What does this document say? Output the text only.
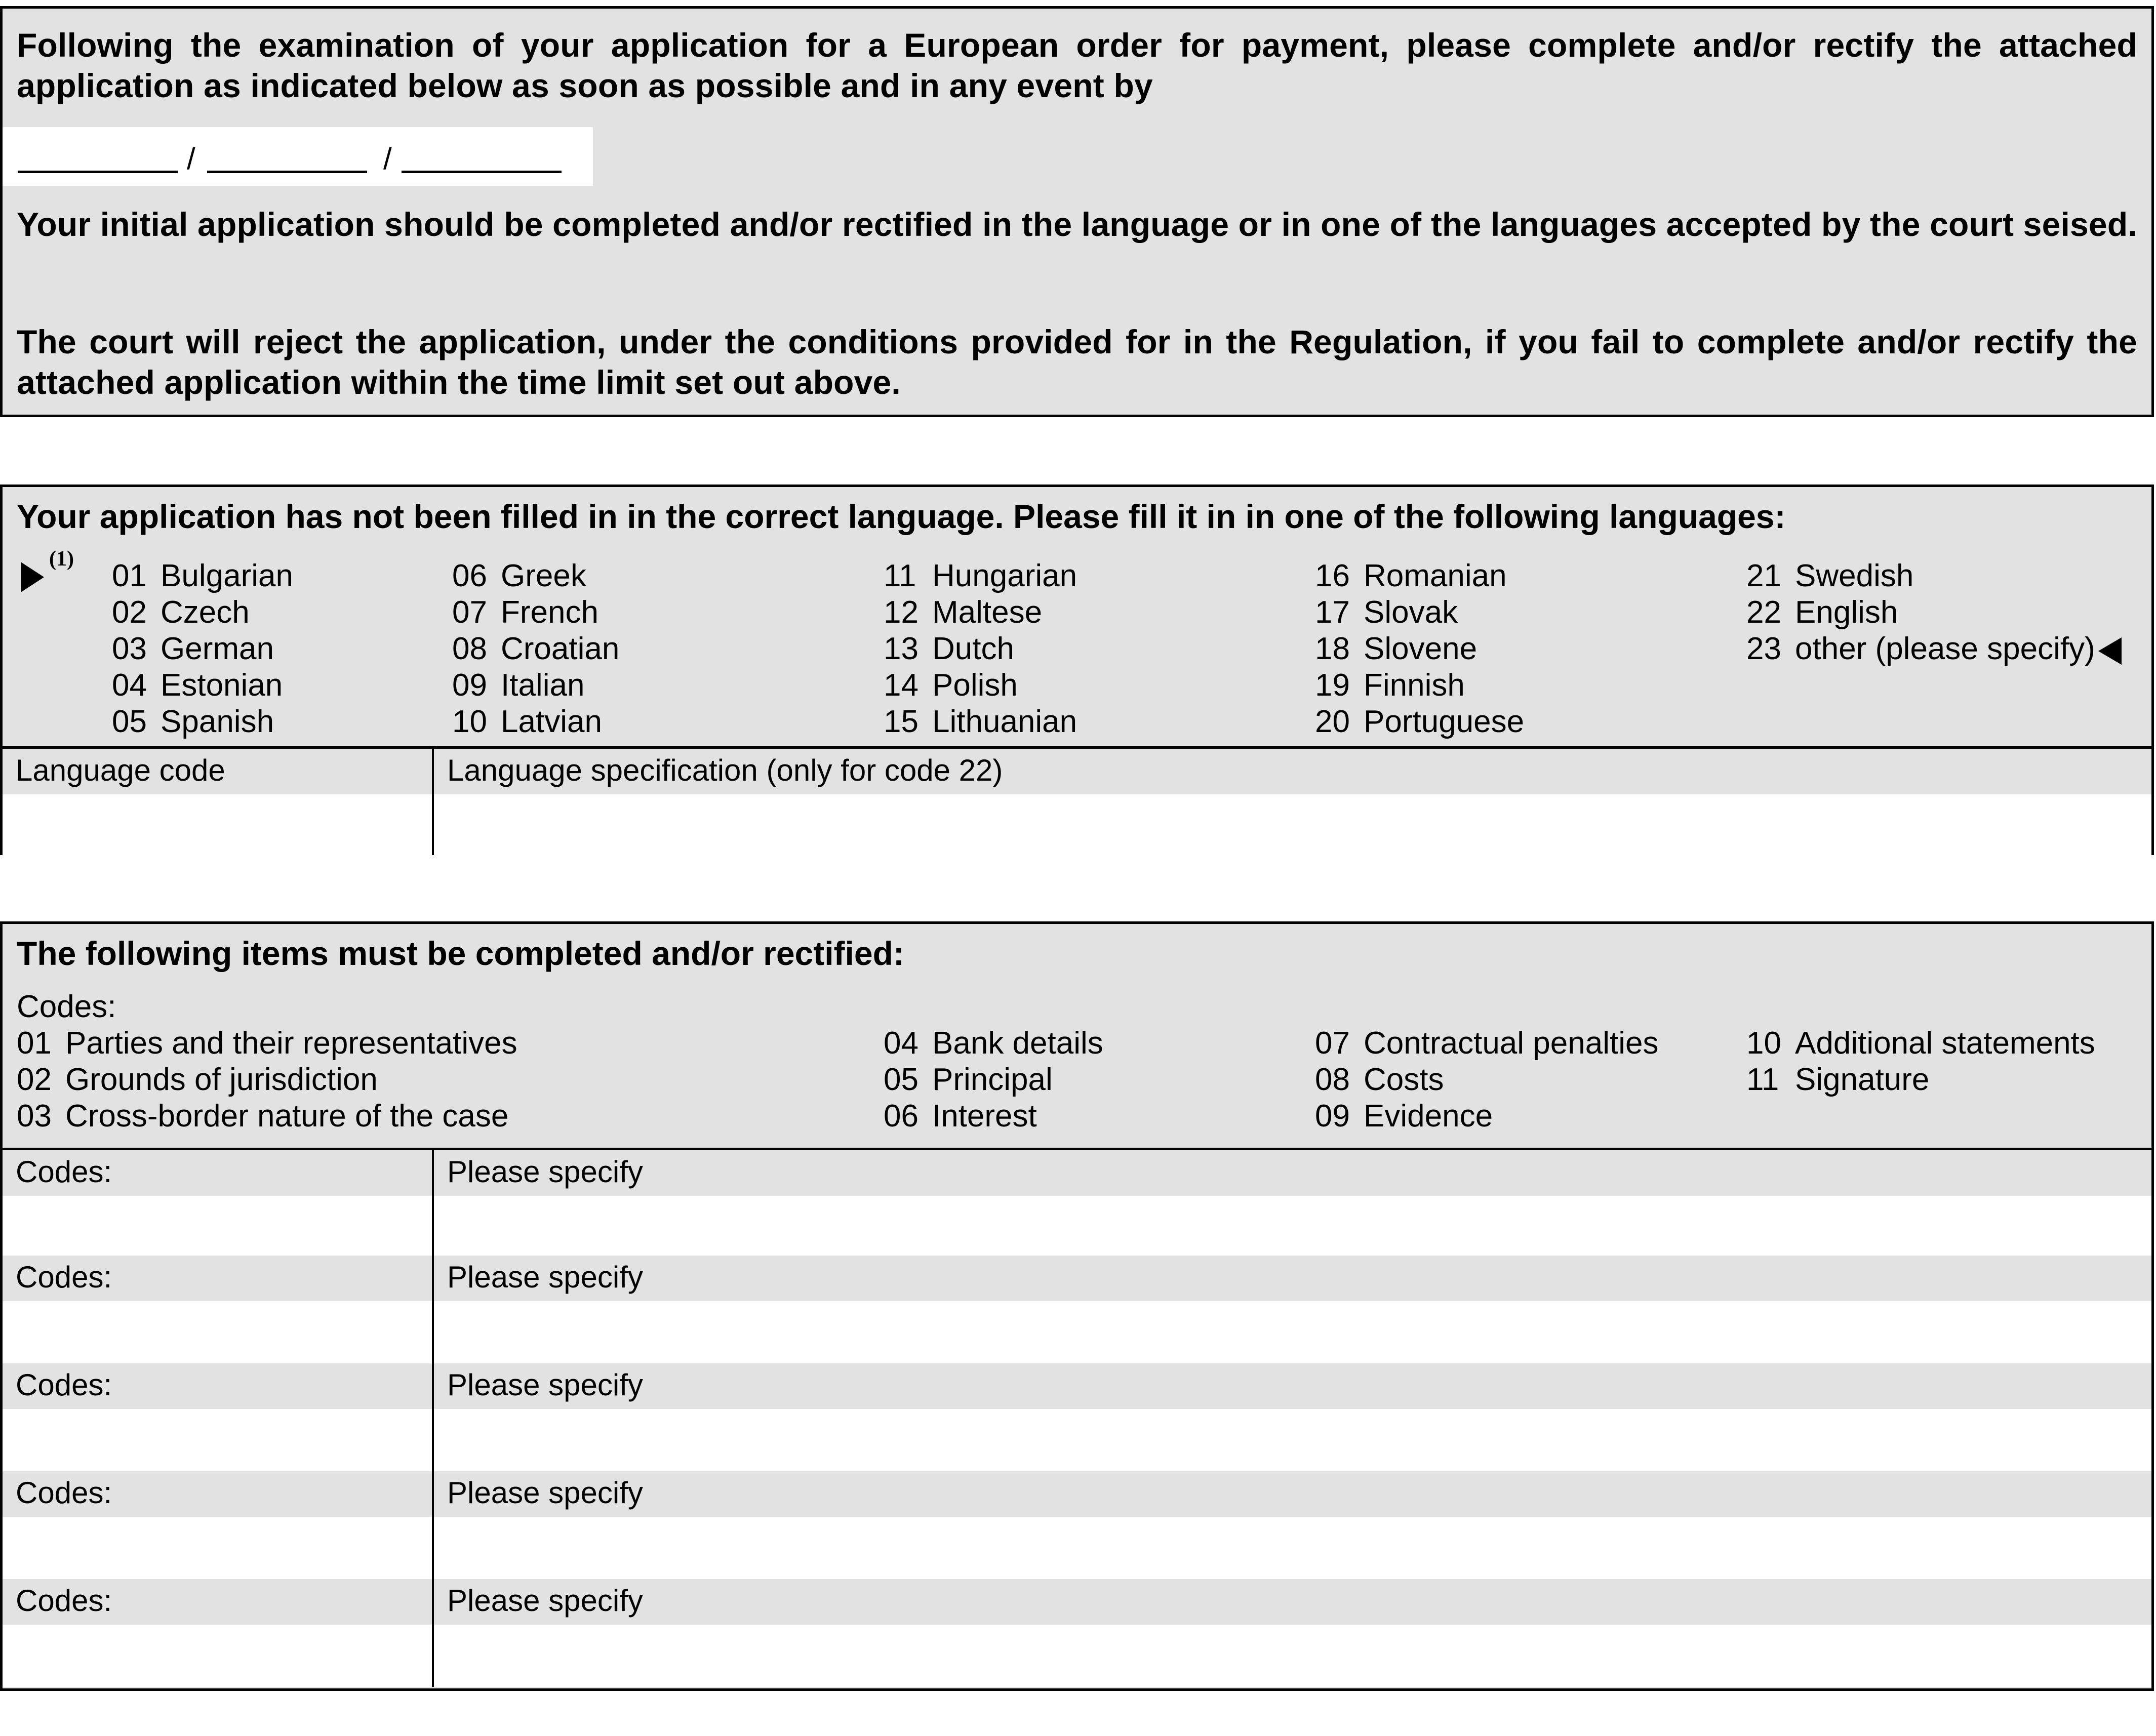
Following the examination of your application for a European order for payment, please complete and/or rectify the attached application as indicated below as soon as possible and in any event by

/	/

Your initial application should be completed and/or rectified in the language or in one of the languages accepted by the court seised.

The court will reject the application, under the conditions provided for in the Regulation, if you fail to complete and/or rectify the attached application within the time limit set out above.

Your application has not been filled in in the correct language. Please fill it in in one of the following languages:
(1) 01 Bulgarian
02 Czech
03 German
04 Estonian
05 Spanish
06 Greek
07 French
08 Croatian
09 Italian
10 Latvian
11 Hungarian
12 Maltese
13 Dutch
14 Polish
15 Lithuanian
16 Romanian
17 Slovak
18 Slovene
19 Finnish
20 Portuguese
21 Swedish
22 English
23 other (please specify)
Language code	Language specification (only for code 22)
The following items must be completed and/or rectified:
Codes:
01 Parties and their representatives
02 Grounds of jurisdiction
03 Cross-border nature of the case
04 Bank details
05 Principal
06 Interest
07 Contractual penalties
08 Costs
09 Evidence
10 Additional statements
11 Signature
Codes:	Please specify
Codes:	Please specify
Codes:	Please specify
Codes:	Please specify
Codes:	Please specify
